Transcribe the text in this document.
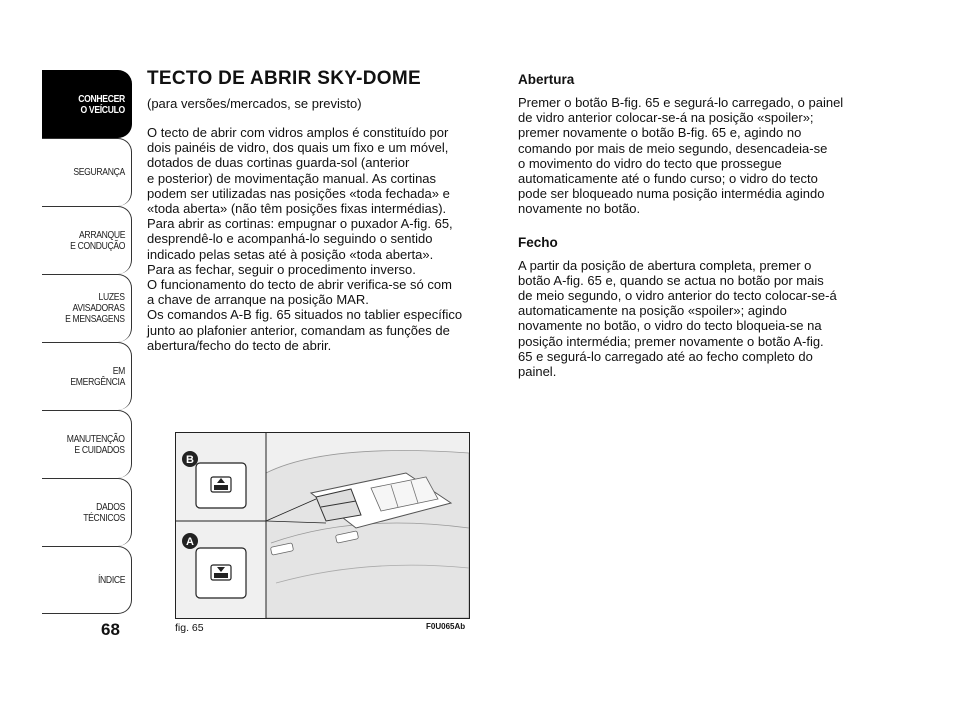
CONHECER
O VEÍCULO
SEGURANÇA
ARRANQUE
E CONDUÇÃO
LUZES
AVISADORAS
E MENSAGENS
EM EMERGÊNCIA
MANUTENÇÃO
E CUIDADOS
DADOS
TÉCNICOS
ÍNDICE
68
TECTO DE ABRIR SKY-DOME

(para versões/mercados, se previsto)

O tecto de abrir com vidros amplos é constituído por
dois painéis de vidro, dos quais um fixo e um móvel,
dotados de duas cortinas guarda-sol (anterior
e posterior) de movimentação manual. As cortinas
podem ser utilizadas nas posições «toda fechada» e
«toda aberta» (não têm posições fixas intermédias).
Para abrir as cortinas: empugnar o puxador A-fig. 65,
desprendê-lo e acompanhá-lo seguindo o sentido
indicado pelas setas até à posição «toda aberta».
Para as fechar, seguir o procedimento inverso.
O funcionamento do tecto de abrir verifica-se só com
a chave de arranque na posição MAR.
Os comandos A-B fig. 65 situados no tablier específico
junto ao plafonier anterior, comandam as funções de
abertura/fecho do tecto de abrir.
Abertura
Premer o botão B-fig. 65 e segurá-lo carregado, o painel
de vidro anterior colocar-se-á na posição «spoiler»;
premer novamente o botão B-fig. 65 e, agindo no
comando por mais de meio segundo, desencadeia-se
o movimento do vidro do tecto que prossegue
automaticamente até o fundo curso; o vidro do tecto
pode ser bloqueado numa posição intermédia agindo
novamente no botão.
Fecho
A partir da posição de abertura completa, premer o
botão A-fig. 65 e, quando se actua no botão por mais
de meio segundo, o vidro anterior do tecto colocar-se-á
automaticamente na posição «spoiler»; agindo
novamente no botão, o vidro do tecto bloqueia-se na
posição intermédia; premer novamente o botão A-fig.
65 e segurá-lo carregado até ao fecho completo do
painel.
B
A
fig. 65	F0U065Ab
